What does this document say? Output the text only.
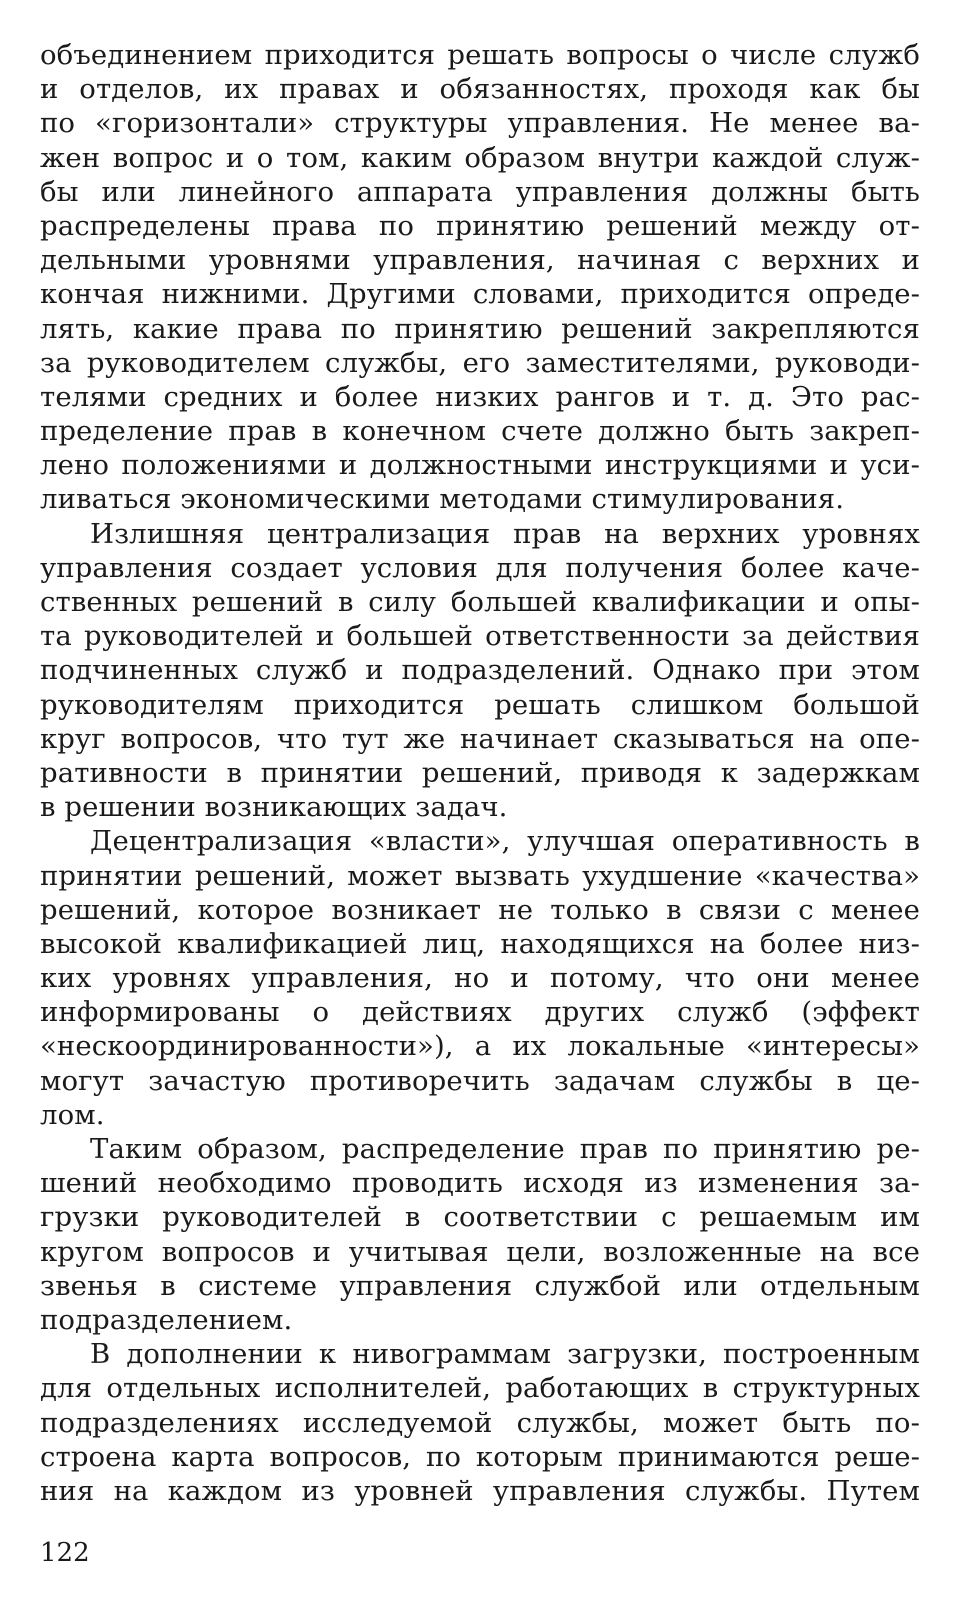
объединением приходится решать вопросы о числе служб
и отделов, их правах и обязанностях, проходя как бы
по «горизонтали» структуры управления. Не менее ва-
жен вопрос и о том, каким образом внутри каждой служ-
бы или линейного аппарата управления должны быть
распределены права по принятию решений между от-
дельными уровнями управления, начиная с верхних и
кончая нижними. Другими словами, приходится опреде-
лять, какие права по принятию решений закрепляются
за руководителем службы, его заместителями, руководи-
телями средних и более низких рангов и т. д. Это рас-
пределение прав в конечном счете должно быть закреп-
лено положениями и должностными инструкциями и уси-
ливаться экономическими методами стимулирования.
Излишняя централизация прав на верхних уровнях
управления создает условия для получения более каче-
ственных решений в силу большей квалификации и опы-
та руководителей и большей ответственности за действия
подчиненных служб и подразделений. Однако при этом
руководителям приходится решать слишком большой
круг вопросов, что тут же начинает сказываться на опе-
ративности в принятии решений, приводя к задержкам
в решении возникающих задач.
Децентрализация «власти», улучшая оперативность в
принятии решений, может вызвать ухудшение «качества»
решений, которое возникает не только в связи с менее
высокой квалификацией лиц, находящихся на более низ-
ких уровнях управления, но и потому, что они менее
информированы о действиях других служб (эффект
«нескоординированности»), а их локальные «интересы»
могут зачастую противоречить задачам службы в це-
лом.
Таким образом, распределение прав по принятию ре-
шений необходимо проводить исходя из изменения за-
грузки руководителей в соответствии с решаемым им
кругом вопросов и учитывая цели, возложенные на все
звенья в системе управления службой или отдельным
подразделением.
В дополнении к нивограммам загрузки, построенным
для отдельных исполнителей, работающих в структурных
подразделениях исследуемой службы, может быть по-
строена карта вопросов, по которым принимаются реше-
ния на каждом из уровней управления службы. Путем
122
